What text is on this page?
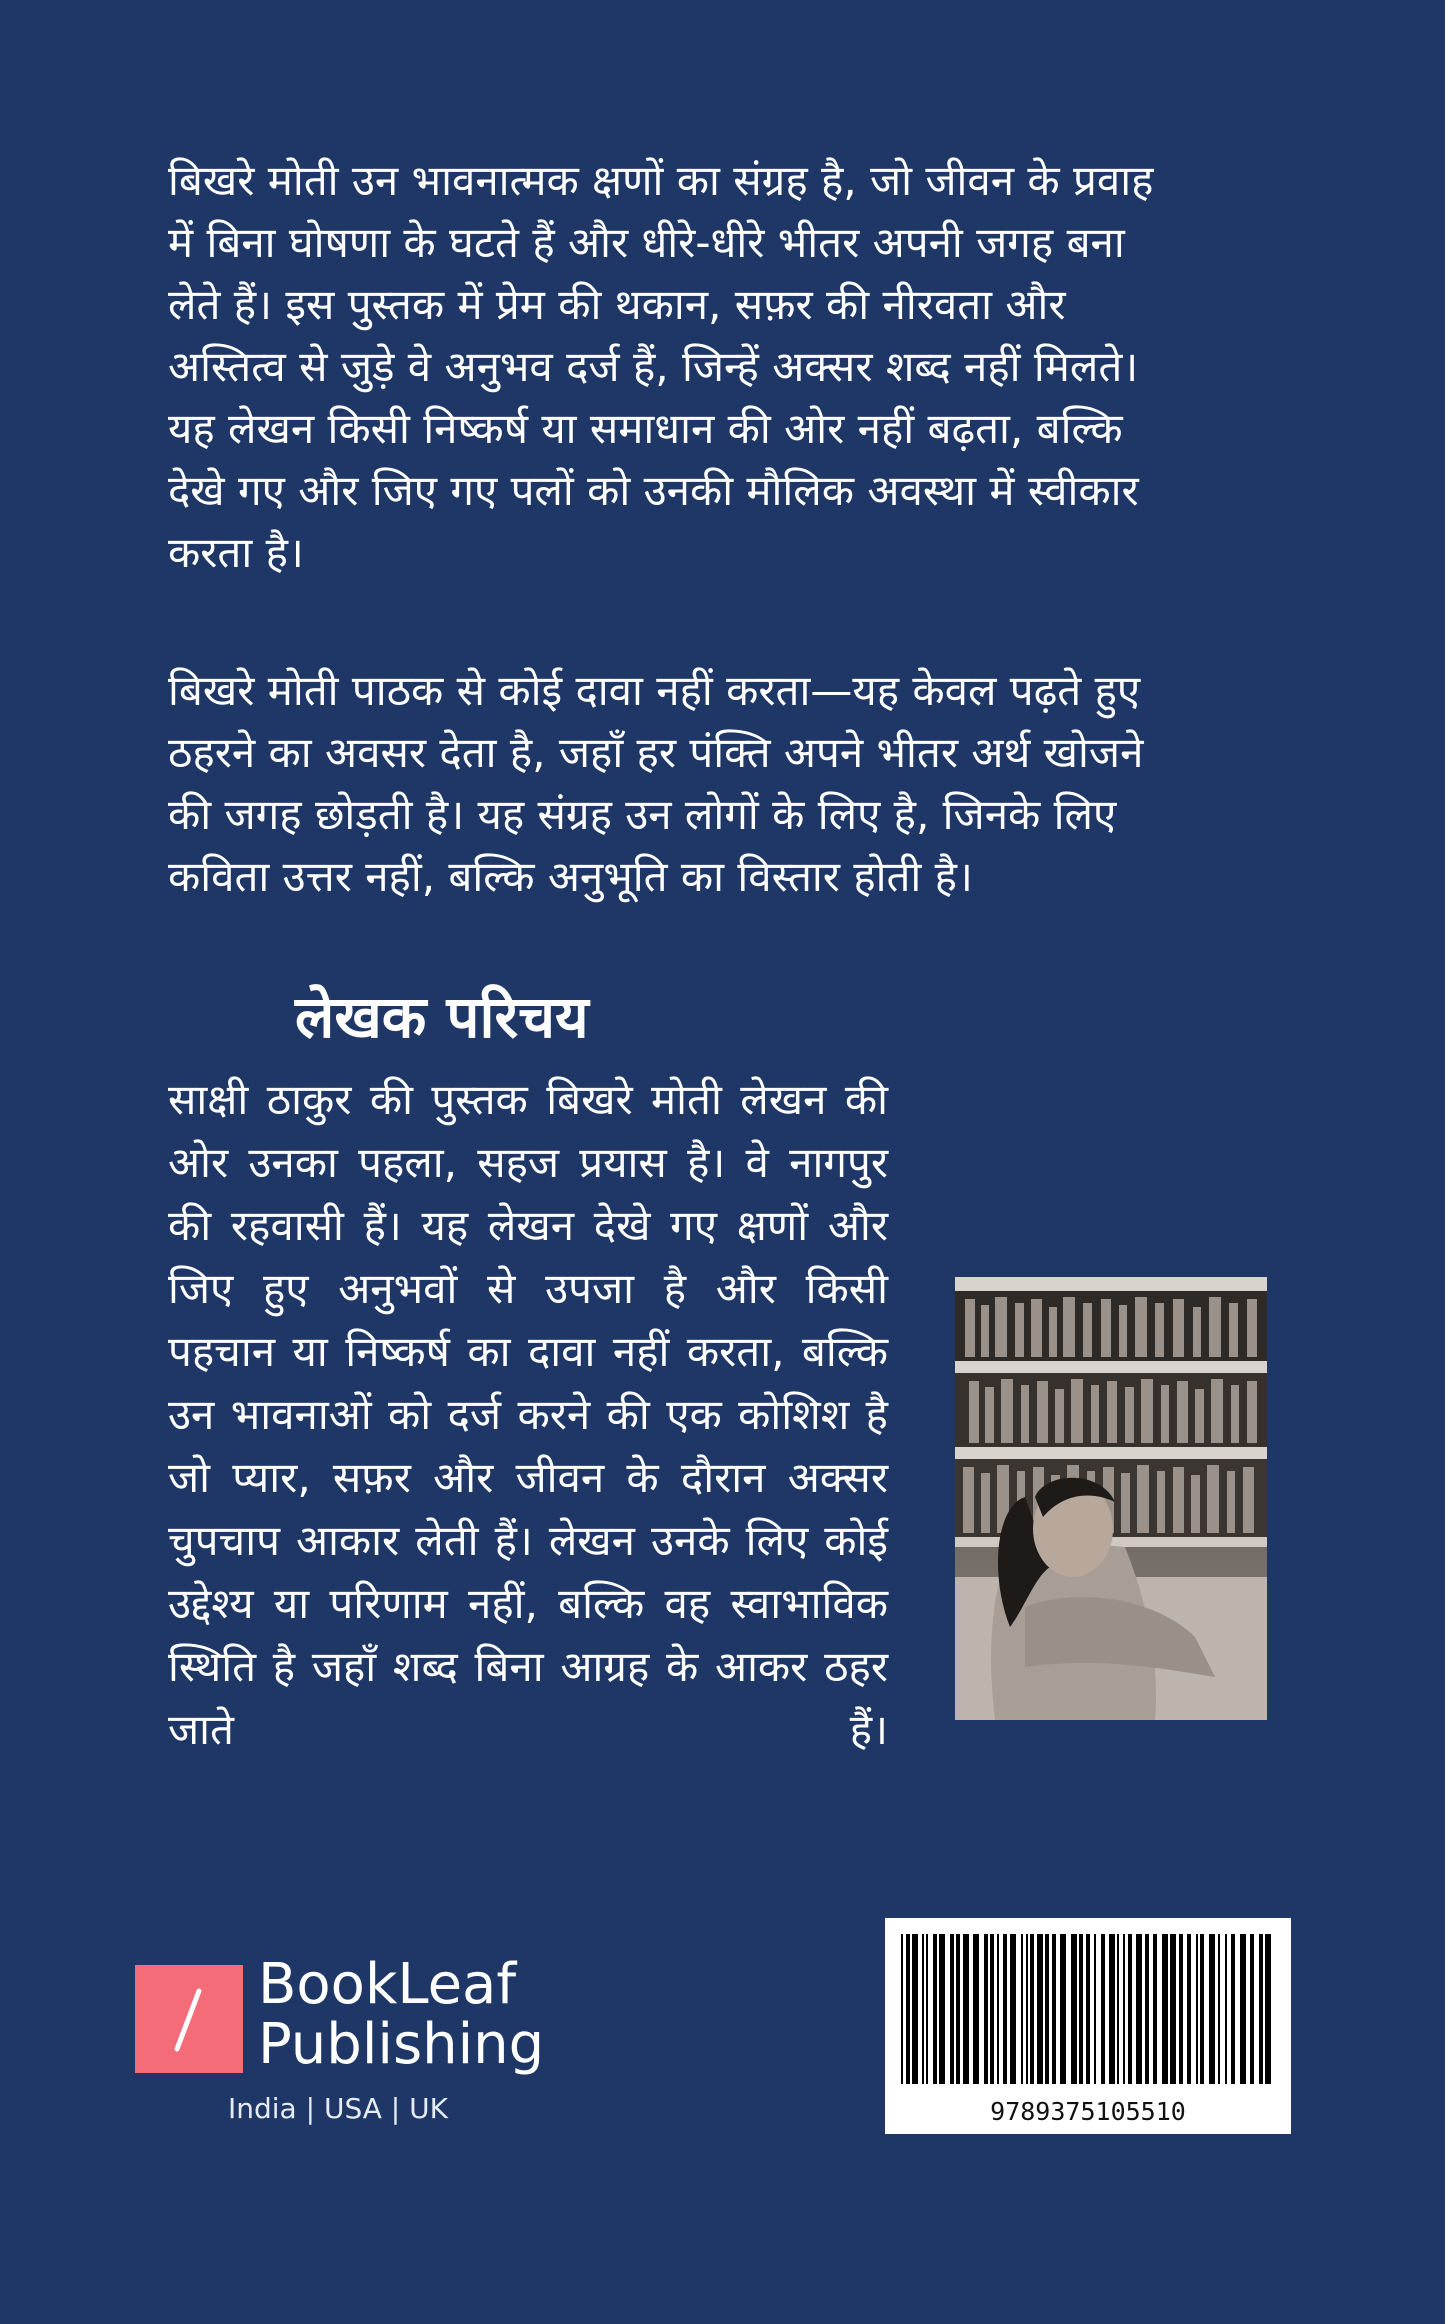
बिखरे मोती उन भावनात्मक क्षणों का संग्रह है, जो जीवन के प्रवाह में बिना घोषणा के घटते हैं और धीरे-धीरे भीतर अपनी जगह बना लेते हैं। इस पुस्तक में प्रेम की थकान, सफ़र की नीरवता और अस्तित्व से जुड़े वे अनुभव दर्ज हैं, जिन्हें अक्सर शब्द नहीं मिलते। यह लेखन किसी निष्कर्ष या समाधान की ओर नहीं बढ़ता, बल्कि देखे गए और जिए गए पलों को उनकी मौलिक अवस्था में स्वीकार करता है।

बिखरे मोती पाठक से कोई दावा नहीं करता—यह केवल पढ़ते हुए ठहरने का अवसर देता है, जहाँ हर पंक्ति अपने भीतर अर्थ खोजने की जगह छोड़ती है। यह संग्रह उन लोगों के लिए है, जिनके लिए कविता उत्तर नहीं, बल्कि अनुभूति का विस्तार होती है।

लेखक परिचय

साक्षी ठाकुर की पुस्तक बिखरे मोती लेखन की ओर उनका पहला, सहज प्रयास है। वे नागपुर की रहवासी हैं। यह लेखन देखे गए क्षणों और जिए हुए अनुभवों से उपजा है और किसी पहचान या निष्कर्ष का दावा नहीं करता, बल्कि उन भावनाओं को दर्ज करने की एक कोशिश है जो प्यार, सफ़र और जीवन के दौरान अक्सर चुपचाप आकार लेती हैं। लेखन उनके लिए कोई उद्देश्य या परिणाम नहीं, बल्कि वह स्वाभाविक स्थिति है जहाँ शब्द बिना आग्रह के आकर ठहर जाते हैं।

BookLeaf
Publishing
India | USA | UK	9789375105510
